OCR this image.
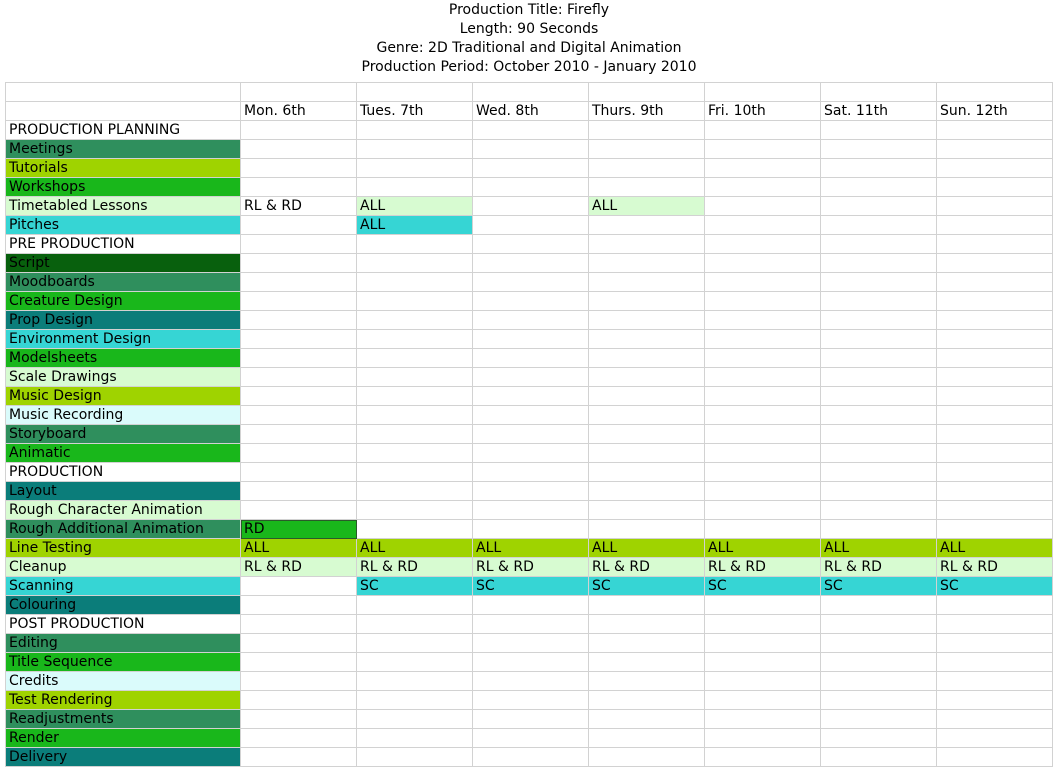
Production Title: Firefly
Length: 90 Seconds
Genre: 2D Traditional and Digital Animation
Production Period: October 2010 - January 2010

	Mon. 6th	Tues. 7th	Wed. 8th	Thurs. 9th	Fri. 10th	Sat. 11th	Sun. 12th
PRODUCTION PLANNING							
Meetings							
Tutorials							
Workshops							
Timetabled Lessons	RL & RD	ALL		ALL			
Pitches		ALL					
PRE PRODUCTION							
Script							
Moodboards							
Creature Design							
Prop Design							
Environment Design							
Modelsheets							
Scale Drawings							
Music Design							
Music Recording							
Storyboard							
Animatic							
PRODUCTION							
Layout							
Rough Character Animation							
Rough Additional Animation	RD						
Line Testing	ALL	ALL	ALL	ALL	ALL	ALL	ALL
Cleanup	RL & RD	RL & RD	RL & RD	RL & RD	RL & RD	RL & RD	RL & RD
Scanning		SC	SC	SC	SC	SC	SC
Colouring							
POST PRODUCTION							
Editing							
Title Sequence							
Credits							
Test Rendering							
Readjustments							
Render							
Delivery							
